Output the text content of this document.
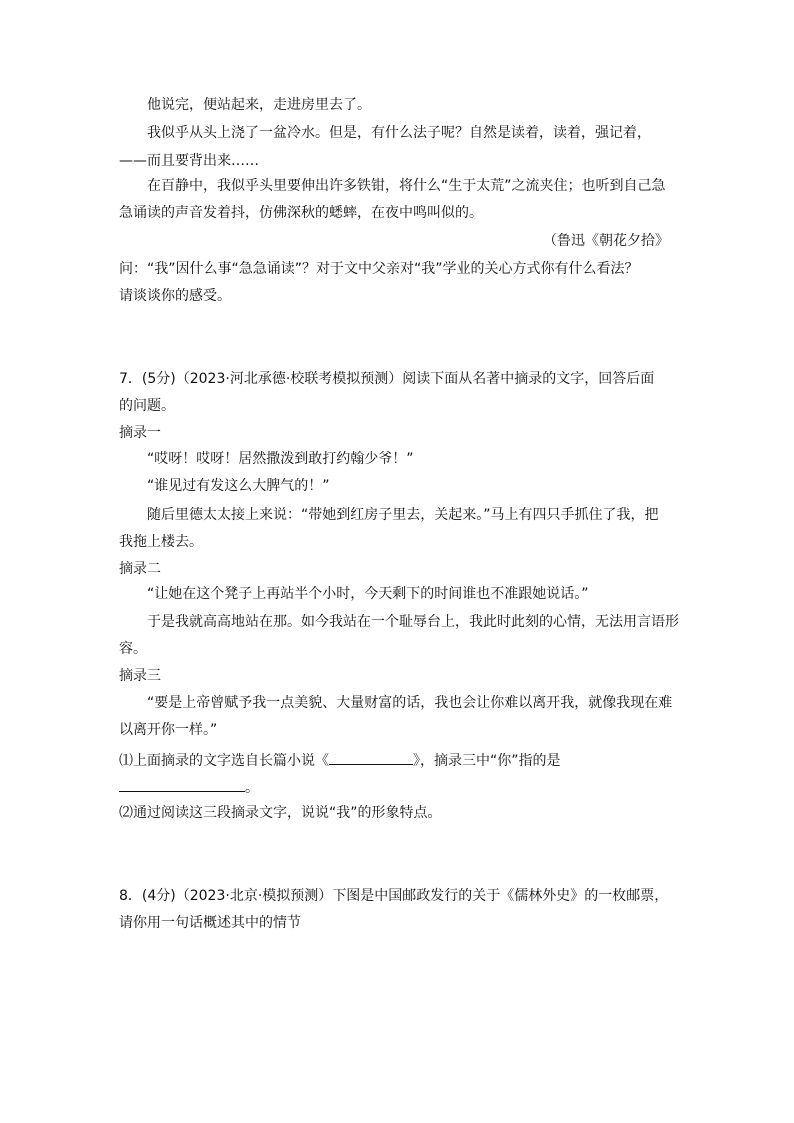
他说完，便站起来，走进房里去了。
我似乎从头上浇了一盆冷水。但是，有什么法子呢？自然是读着，读着，强记着，
——而且要背出来……
在百静中，我似乎头里要伸出许多铁钳，将什么“生于太荒”之流夹住；也听到自己急
急诵读的声音发着抖，仿佛深秋的蟋蟀，在夜中鸣叫似的。
（鲁迅《朝花夕拾》
问：“我”因什么事“急急诵读”？对于文中父亲对“我”学业的关心方式你有什么看法？
请谈谈你的感受。
7．(5分)（2023·河北承德·校联考模拟预测）阅读下面从名著中摘录的文字，回答后面
的问题。
摘录一
“哎呀！哎呀！居然撒泼到敢打约翰少爷！”
“谁见过有发这么大脾气的！”
随后里德太太接上来说：“带她到红房子里去，关起来。”马上有四只手抓住了我，把
我拖上楼去。
摘录二
“让她在这个凳子上再站半个小时，今天剩下的时间谁也不准跟她说话。”
于是我就高高地站在那。如今我站在一个耻辱台上，我此时此刻的心情，无法用言语形
容。
摘录三
“要是上帝曾赋予我一点美貌、大量财富的话，我也会让你难以离开我，就像我现在难
以离开你一样。”
⑴上面摘录的文字选自长篇小说《	》，摘录三中“你”指的是
。
⑵通过阅读这三段摘录文字，说说“我”的形象特点。
8．(4分)（2023·北京·模拟预测）下图是中国邮政发行的关于《儒林外史》的一枚邮票，
请你用一句话概述其中的情节
